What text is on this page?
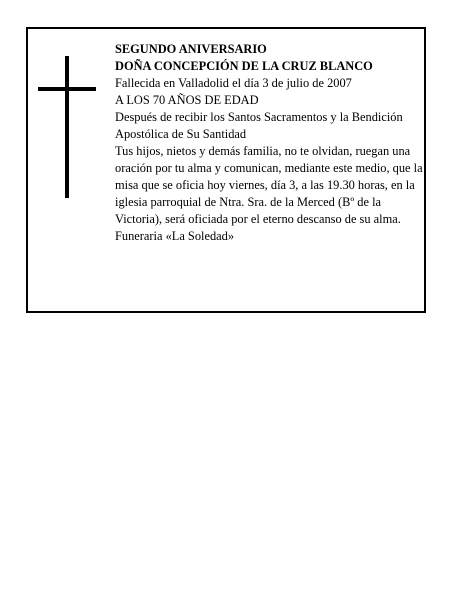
SEGUNDO ANIVERSARIO

DOÑA CONCEPCIÓN DE LA CRUZ BLANCO

Fallecida en Valladolid el día 3 de julio de 2007

A LOS 70 AÑOS DE EDAD

Después de recibir los Santos Sacramentos y la Bendición Apostólica de Su Santidad

Tus hijos, nietos y demás familia, no te olvidan, ruegan una oración por tu alma y comunican, mediante este medio, que la misa que se oficia hoy viernes, día 3, a las 19.30 horas, en la iglesia parroquial de Ntra. Sra. de la Merced (Bº de la Victoria), será oficiada por el eterno descanso de su alma.

Funeraria «La Soledad»
